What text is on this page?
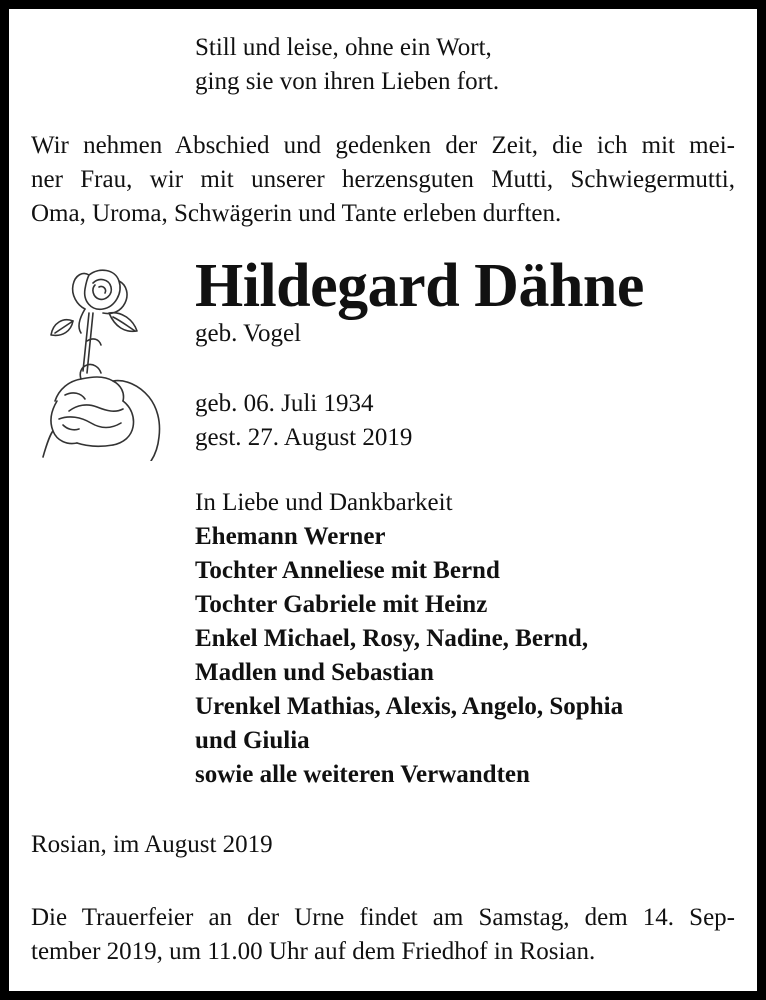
Still und leise, ohne ein Wort,
ging sie von ihren Lieben fort.
Wir nehmen Abschied und gedenken der Zeit, die ich mit mei-
ner Frau, wir mit unserer herzensguten Mutti, Schwiegermutti,
Oma, Uroma, Schwägerin und Tante erleben durften.
Hildegard Dähne
geb. Vogel
geb. 06. Juli 1934
gest. 27. August 2019
In Liebe und Dankbarkeit
Ehemann Werner
Tochter Anneliese mit Bernd
Tochter Gabriele mit Heinz
Enkel Michael, Rosy, Nadine, Bernd,
Madlen und Sebastian
Urenkel Mathias, Alexis, Angelo, Sophia
und Giulia
sowie alle weiteren Verwandten
Rosian, im August 2019
Die Trauerfeier an der Urne findet am Samstag, dem 14. Sep-
tember 2019, um 11.00 Uhr auf dem Friedhof in Rosian.
